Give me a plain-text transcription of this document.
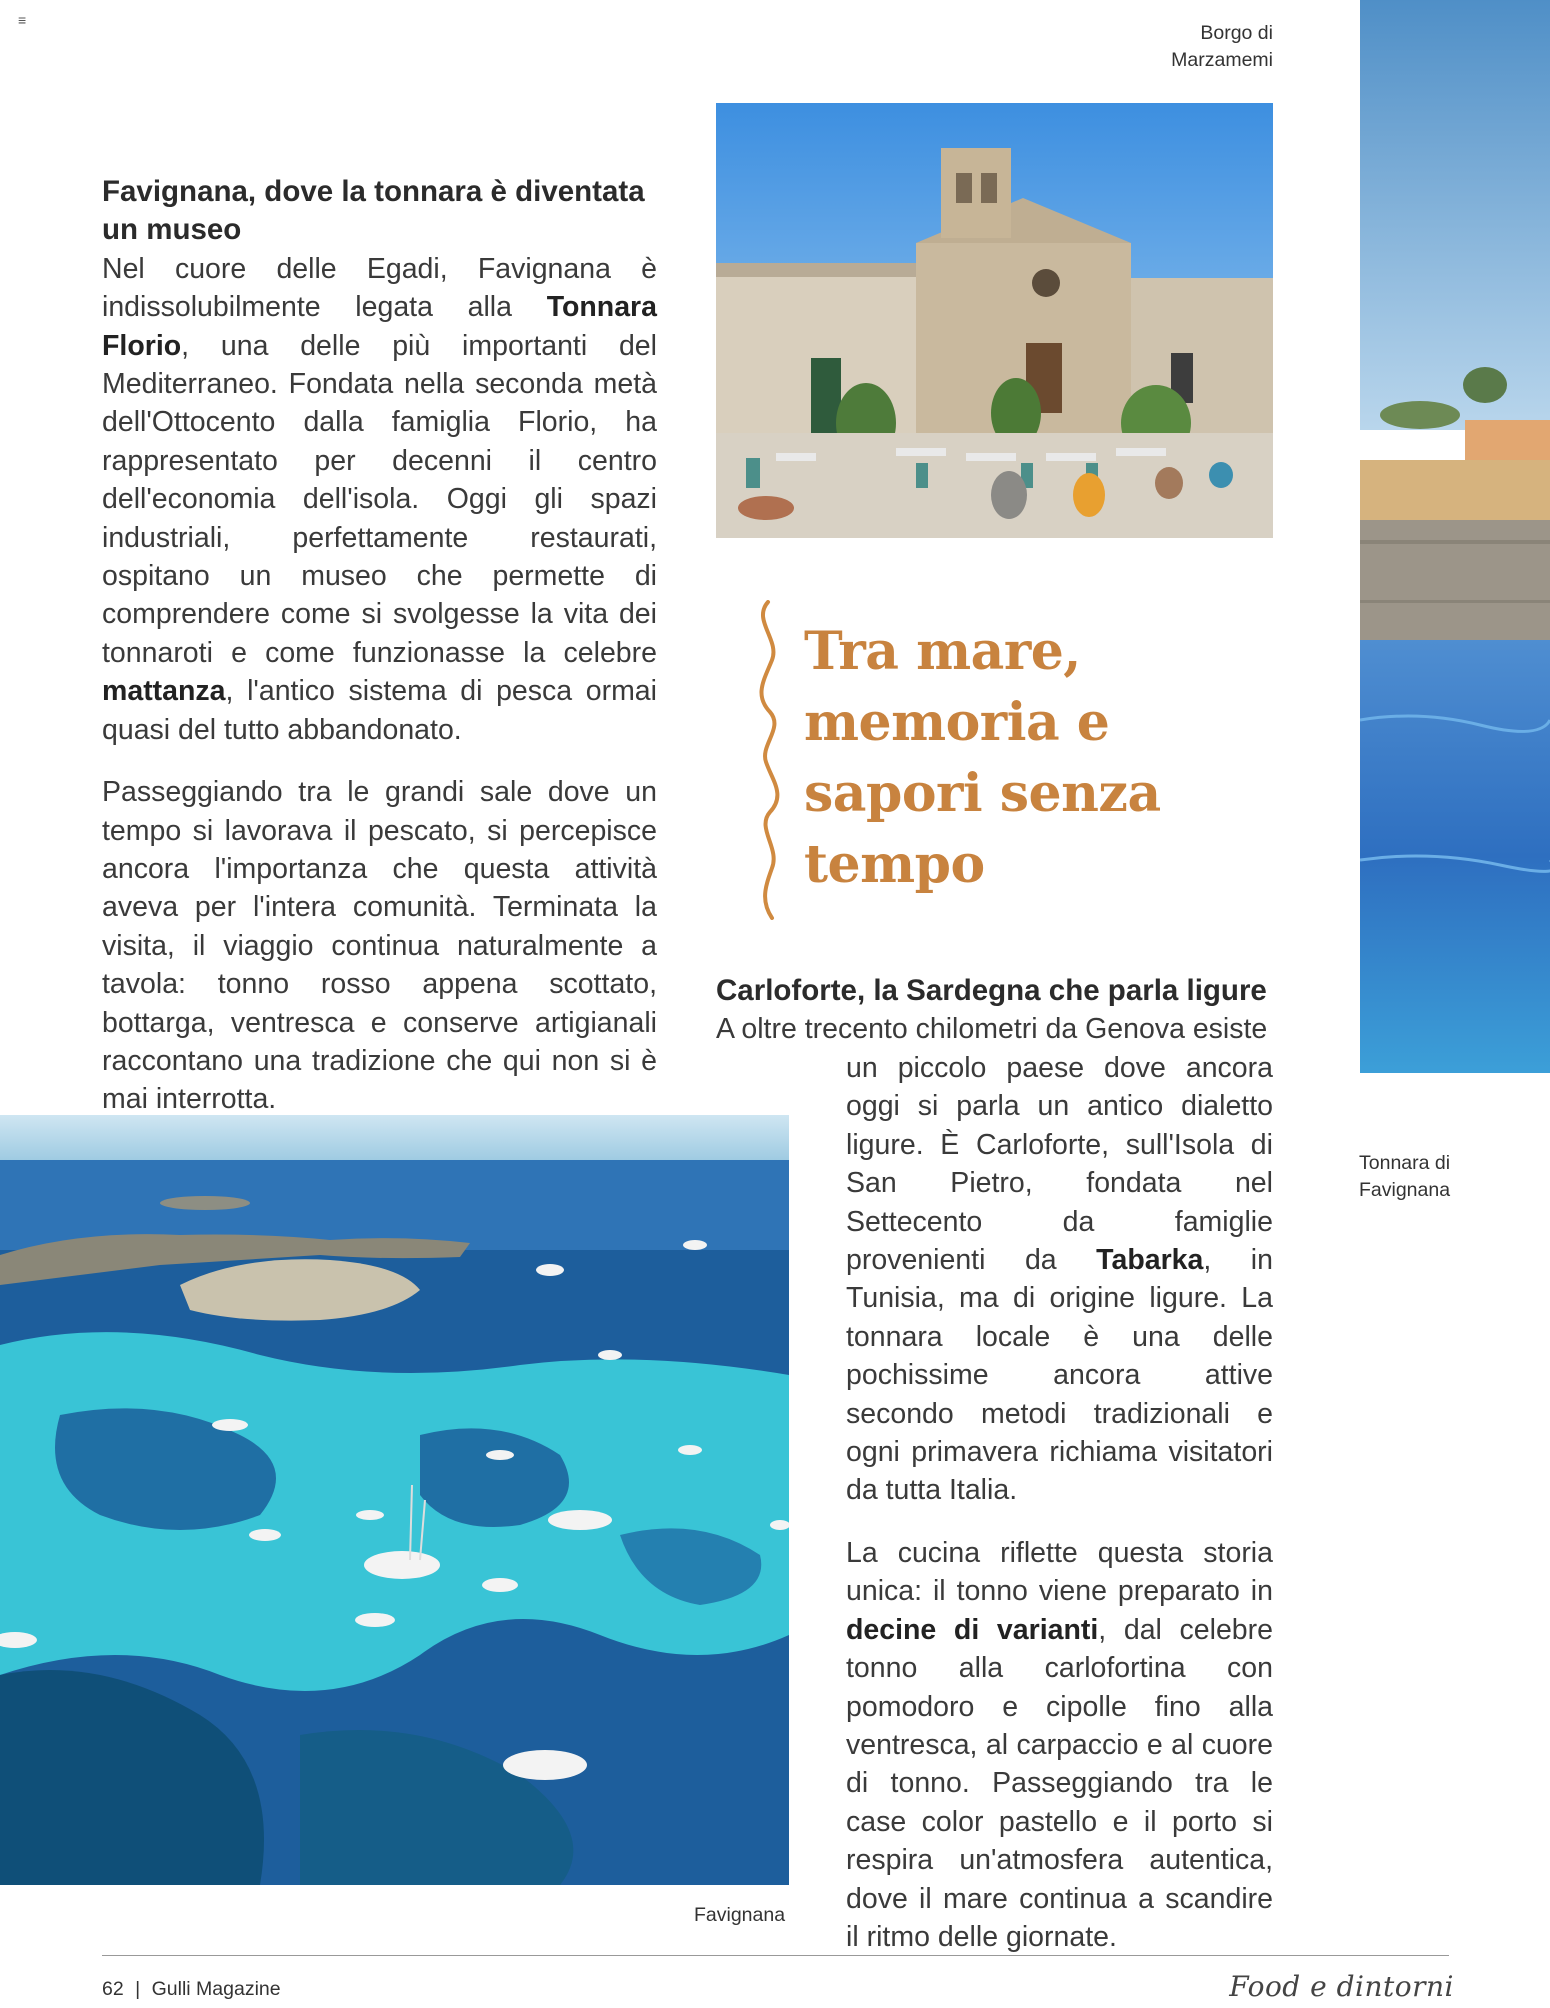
≡
Borgo di
Marzamemi
Tonnara di
Favignana
Favignana, dove la tonnara è diventata un museo

Nel cuore delle Egadi, Favignana è indissolubilmente legata alla Tonnara Florio, una delle più importanti del Mediterraneo. Fondata nella seconda metà dell'Ottocento dalla famiglia Florio, ha rappresentato per decenni il centro dell'economia dell'isola. Oggi gli spazi industriali, perfettamente restaurati, ospitano un museo che permette di comprendere come si svolgesse la vita dei tonnaroti e come funzionasse la celebre mattanza, l'antico sistema di pesca ormai quasi del tutto abbandonato.

Passeggiando tra le grandi sale dove un tempo si lavorava il pescato, si percepisce ancora l'importanza che questa attività aveva per l'intera comunità. Terminata la visita, il viaggio continua naturalmente a tavola: tonno rosso appena scottato, bottarga, ventresca e conserve artigianali raccontano una tradizione che qui non si è mai interrotta.

Tra mare,
memoria e
sapori senza
tempo
Carloforte, la Sardegna che parla ligure
A oltre trecento chilometri da Genova esiste

un piccolo paese dove ancora oggi si parla un antico dialetto ligure. È Carloforte, sull'Isola di San Pietro, fondata nel Settecento da famiglie provenienti da Tabarka, in Tunisia, ma di origine ligure. La tonnara locale è una delle pochissime ancora attive secondo metodi tradizionali e ogni primavera richiama visitatori da tutta Italia.

La cucina riflette questa storia unica: il tonno viene preparato in decine di varianti, dal celebre tonno alla carlofortina con pomodoro e cipolle fino alla ventresca, al carpaccio e al cuore di tonno. Passeggiando tra le case color pastello e il porto si respira un'atmosfera autentica, dove il mare continua a scandire il ritmo delle giornate.

Favignana
62 | Gulli Magazine	Food e dintorni
